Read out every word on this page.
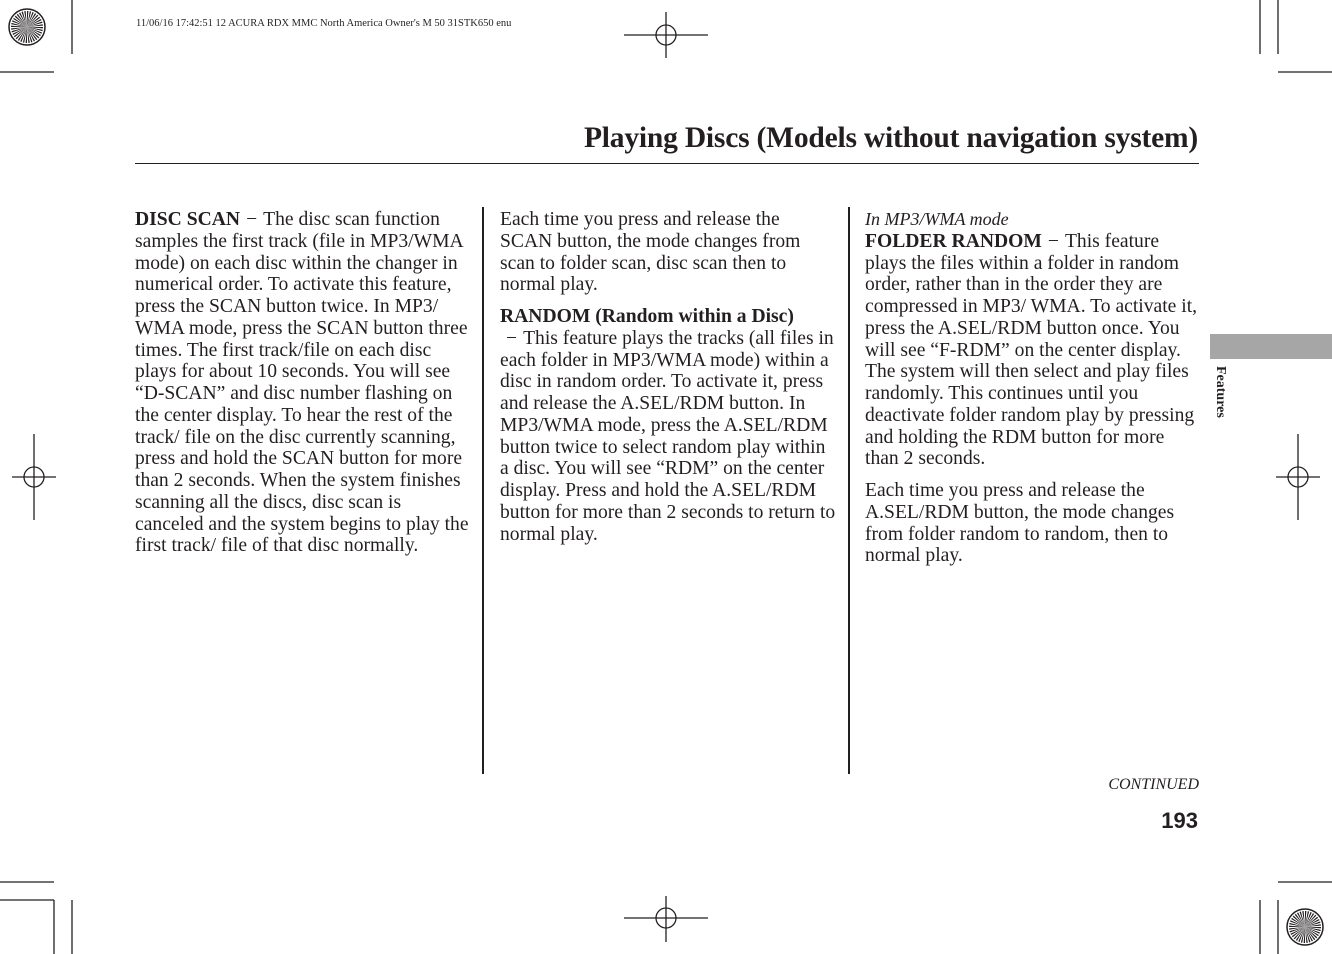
11/06/16 17:42:51 12 ACURA RDX MMC North America Owner's M 50 31STK650 enu
Playing Discs (Models without navigation system)

DISC SCAN − The disc scan function samples the first track (file in MP3/WMA mode) on each disc within the changer in numerical order. To activate this feature, press the SCAN button twice. In MP3/ WMA mode, press the SCAN button three times. The first track/file on each disc plays for about 10 seconds. You will see “D-SCAN” and disc number flashing on the center display. To hear the rest of the track/ file on the disc currently scanning, press and hold the SCAN button for more than 2 seconds. When the system finishes scanning all the discs, disc scan is canceled and the system begins to play the first track/ file of that disc normally.

Each time you press and release the SCAN button, the mode changes from scan to folder scan, disc scan then to normal play.

RANDOM (Random within a Disc)− This feature plays the tracks (all files in each folder in MP3/WMA mode) within a disc in random order. To activate it, press and release the A.SEL/RDM button. In MP3/WMA mode, press the A.SEL/RDM button twice to select random play within a disc. You will see “RDM” on the center display. Press and hold the A.SEL/RDM button for more than 2 seconds to return to normal play.

In MP3/WMA mode

FOLDER RANDOM − This feature plays the files within a folder in random order, rather than in the order they are compressed in MP3/ WMA. To activate it, press the A.SEL/RDM button once. You will see “F-RDM” on the center display. The system will then select and play files randomly. This continues until you deactivate folder random play by pressing and holding the RDM button for more than 2 seconds.

Each time you press and release the A.SEL/RDM button, the mode changes from folder random to random, then to normal play.

Features
CONTINUED
193
